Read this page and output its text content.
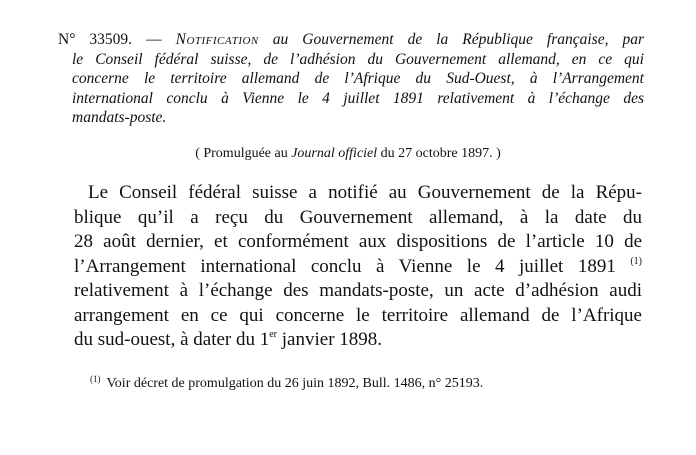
N° 33509. — Notification au Gouvernement de la République française, par
le Conseil fédéral suisse, de l’adhésion du Gouvernement allemand, en ce qui
concerne le territoire allemand de l’Afrique du Sud-Ouest, à l’Arrangement
international conclu à Vienne le 4 juillet 1891 relativement à l’échange des
mandats-poste.
( Promulguée au Journal officiel du 27 octobre 1897. )
Le Conseil fédéral suisse a notifié au Gouvernement de la Répu-
blique qu’il a reçu du Gouvernement allemand, à la date du
28 août dernier, et conformément aux dispositions de l’article 10 de
l’Arrangement international conclu à Vienne le 4 juillet 1891 $^{(1)}$
relativement à l’échange des mandats-poste, un acte d’adhésion audi
arrangement en ce qui concerne le territoire allemand de l’Afrique
du sud-ouest, à dater du 1er janvier 1898.
$^{(1)}$ Voir décret de promulgation du 26 juin 1892, Bull. 1486, n° 25193.
